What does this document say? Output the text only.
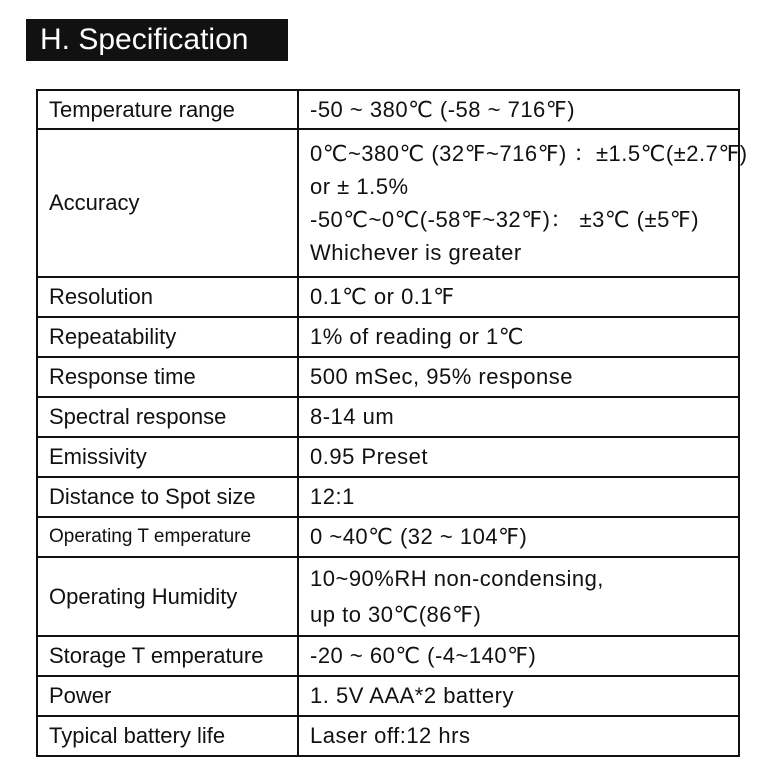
H. Specification
Temperature range	-50 ~ 380℃ (-58 ~ 716℉)
Accuracy	0℃~380℃ (32℉~716℉) ：±1.5℃(±2.7℉)
or ± 1.5%
-50℃~0℃(-58℉~32℉)： ±3℃ (±5℉)
Whichever is greater

Resolution	0.1℃ or 0.1℉
Repeatability	1% of reading or 1℃
Response time	500 mSec, 95% response
Spectral response	8-14 um
Emissivity	0.95 Preset
Distance to Spot size	12:1
Operating T emperature	0 ~40℃ (32 ~ 104℉)
Operating Humidity	10~90%RH non-condensing,
up to 30℃(86℉)

Storage T emperature	-20 ~ 60℃ (-4~140℉)
Power	1. 5V AAA*2 battery
Typical battery life	Laser off:12 hrs
